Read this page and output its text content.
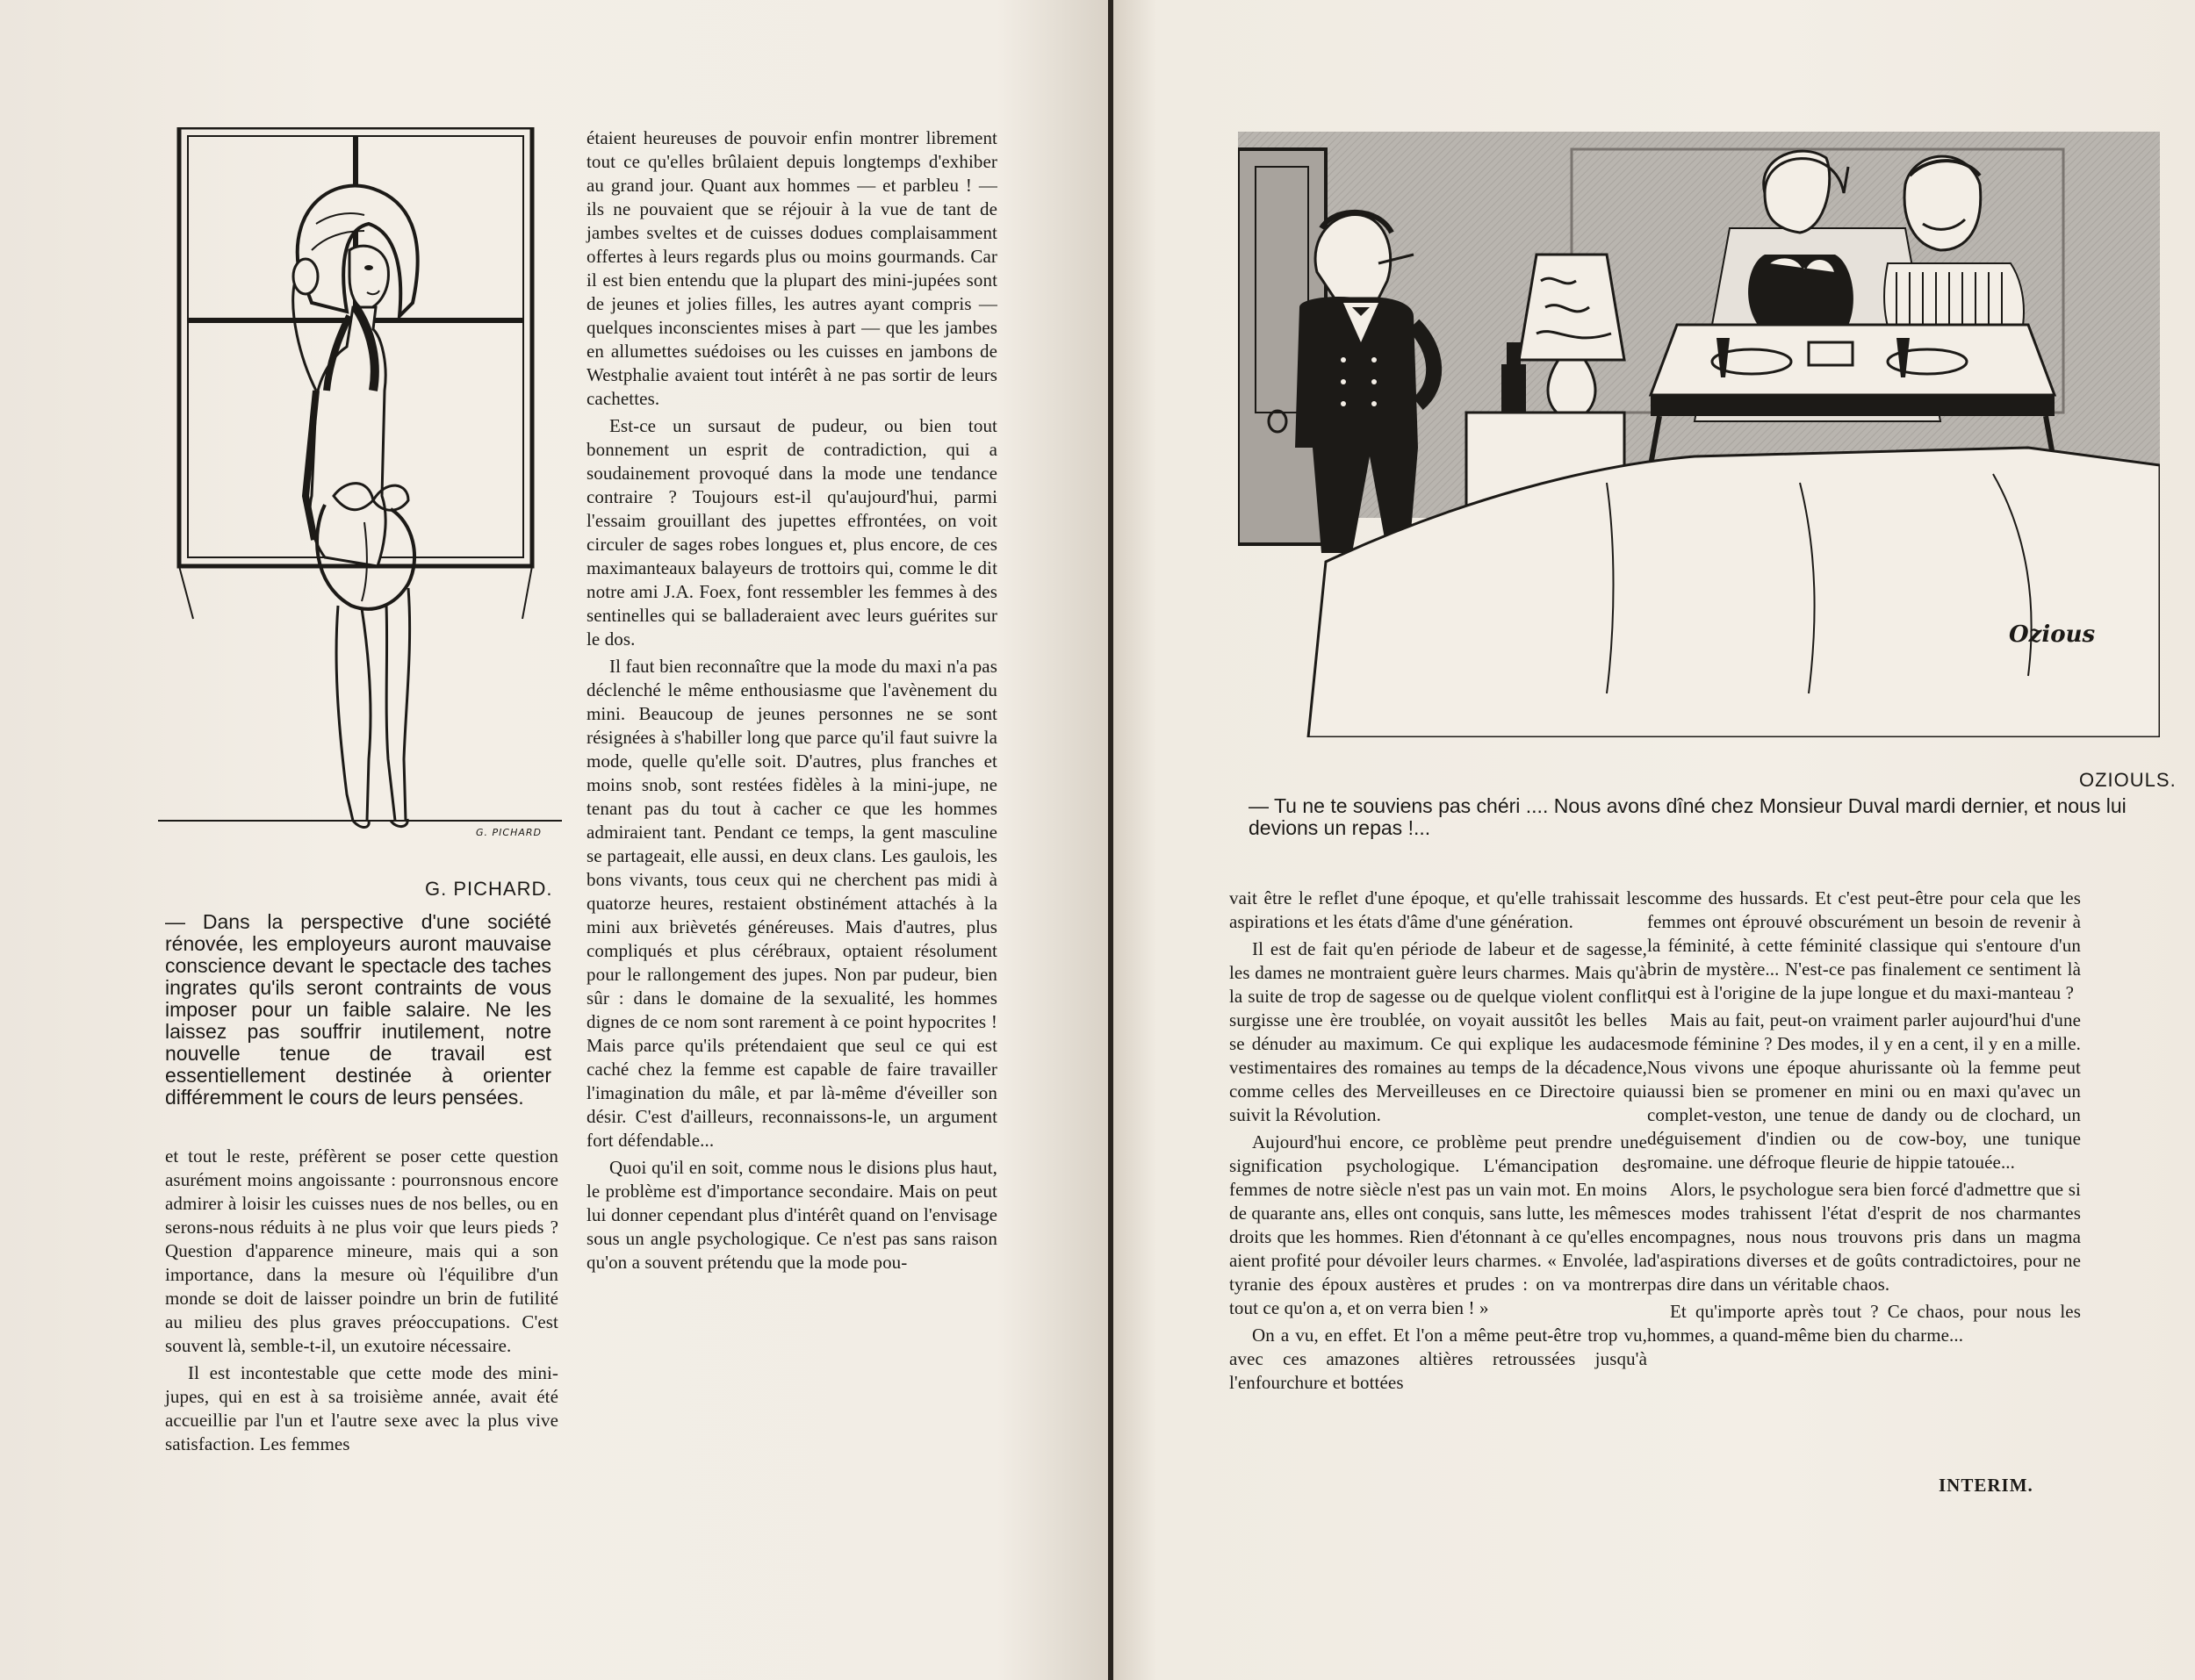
G. PICHARD
G. PICHARD.
— Dans la perspective d'une société rénovée, les employeurs auront mauvaise conscience devant le spectacle des taches ingrates qu'ils seront contraints de vous imposer pour un faible salaire. Ne les laissez pas souffrir inutilement, notre nouvelle tenue de travail est essentiellement destinée à orienter différemment le cours de leurs pensées.

et tout le reste, préfèrent se poser cette question asurément moins angoissante : pourronsnous encore admirer à loisir les cuisses nues de nos belles, ou en serons-nous réduits à ne plus voir que leurs pieds ? Question d'apparence mineure, mais qui a son importance, dans la mesure où l'équilibre d'un monde se doit de laisser poindre un brin de futilité au milieu des plus graves préoccupations. C'est souvent là, semble-t-il, un exutoire nécessaire.

Il est incontestable que cette mode des mini-jupes, qui en est à sa troisième année, avait été accueillie par l'un et l'autre sexe avec la plus vive satisfaction. Les femmes

étaient heureuses de pouvoir enfin montrer librement tout ce qu'elles brûlaient depuis longtemps d'exhiber au grand jour. Quant aux hommes — et parbleu ! — ils ne pouvaient que se réjouir à la vue de tant de jambes sveltes et de cuisses dodues complaisamment offertes à leurs regards plus ou moins gourmands. Car il est bien entendu que la plupart des mini-jupées sont de jeunes et jolies filles, les autres ayant compris — quelques inconscientes mises à part — que les jambes en allumettes suédoises ou les cuisses en jambons de Westphalie avaient tout intérêt à ne pas sortir de leurs cachettes.

Est-ce un sursaut de pudeur, ou bien tout bonnement un esprit de contradiction, qui a soudainement provoqué dans la mode une tendance contraire ? Toujours est-il qu'aujourd'hui, parmi l'essaim grouillant des jupettes effrontées, on voit circuler de sages robes longues et, plus encore, de ces maximanteaux balayeurs de trottoirs qui, comme le dit notre ami J.A. Foex, font ressembler les femmes à des sentinelles qui se balladeraient avec leurs guérites sur le dos.

Il faut bien reconnaître que la mode du maxi n'a pas déclenché le même enthousiasme que l'avènement du mini. Beaucoup de jeunes personnes ne se sont résignées à s'habiller long que parce qu'il faut suivre la mode, quelle qu'elle soit. D'autres, plus franches et moins snob, sont restées fidèles à la mini-jupe, ne tenant pas du tout à cacher ce que les hommes admiraient tant. Pendant ce temps, la gent masculine se partageait, elle aussi, en deux clans. Les gaulois, les bons vivants, tous ceux qui ne cherchent pas midi à quatorze heures, restaient obstinément attachés à la mini aux brièvetés généreuses. Mais d'autres, plus compliqués et plus cérébraux, optaient résolument pour le rallongement des jupes. Non par pudeur, bien sûr : dans le domaine de la sexualité, les hommes dignes de ce nom sont rarement à ce point hypocrites ! Mais parce qu'ils prétendaient que seul ce qui est caché chez la femme est capable de faire travailler l'imagination du mâle, et par là-même d'éveiller son désir. C'est d'ailleurs, reconnaissons-le, un argument fort défendable...

Quoi qu'il en soit, comme nous le disions plus haut, le problème est d'importance secondaire. Mais on peut lui donner cependant plus d'intérêt quand on l'envisage sous un angle psychologique. Ce n'est pas sans raison qu'on a souvent prétendu que la mode pou-

Ozious
OZIOULS.
— Tu ne te souviens pas chéri .... Nous avons dîné chez Monsieur Duval mardi dernier, et nous lui devions un repas !...

vait être le reflet d'une époque, et qu'elle trahissait les aspirations et les états d'âme d'une génération.

Il est de fait qu'en période de labeur et de sagesse, les dames ne montraient guère leurs charmes. Mais qu'à la suite de trop de sagesse ou de quelque violent conflit surgisse une ère troublée, on voyait aussitôt les belles se dénuder au maximum. Ce qui explique les audaces vestimentaires des romaines au temps de la décadence, comme celles des Merveilleuses en ce Directoire qui suivit la Révolution.

Aujourd'hui encore, ce problème peut prendre une signification psychologique. L'émancipation des femmes de notre siècle n'est pas un vain mot. En moins de quarante ans, elles ont conquis, sans lutte, les mêmes droits que les hommes. Rien d'étonnant à ce qu'elles en aient profité pour dévoiler leurs charmes. « Envolée, la tyranie des époux austères et prudes : on va montrer tout ce qu'on a, et on verra bien ! »

On a vu, en effet. Et l'on a même peut-être trop vu, avec ces amazones altières retroussées jusqu'à l'enfourchure et bottées

comme des hussards. Et c'est peut-être pour cela que les femmes ont éprouvé obscurément un besoin de revenir à la féminité, à cette féminité classique qui s'entoure d'un brin de mystère... N'est-ce pas finalement ce sentiment là qui est à l'origine de la jupe longue et du maxi-manteau ?

Mais au fait, peut-on vraiment parler aujourd'hui d'une mode féminine ? Des modes, il y en a cent, il y en a mille. Nous vivons une époque ahurissante où la femme peut aussi bien se promener en mini ou en maxi qu'avec un complet-veston, une tenue de dandy ou de clochard, un déguisement d'indien ou de cow-boy, une tunique romaine. une défroque fleurie de hippie tatouée...

Alors, le psychologue sera bien forcé d'admettre que si ces modes trahissent l'état d'esprit de nos charmantes compagnes, nous nous trouvons pris dans un magma d'aspirations diverses et de goûts contradictoires, pour ne pas dire dans un véritable chaos.

Et qu'importe après tout ? Ce chaos, pour nous les hommes, a quand-même bien du charme...

INTERIM.
